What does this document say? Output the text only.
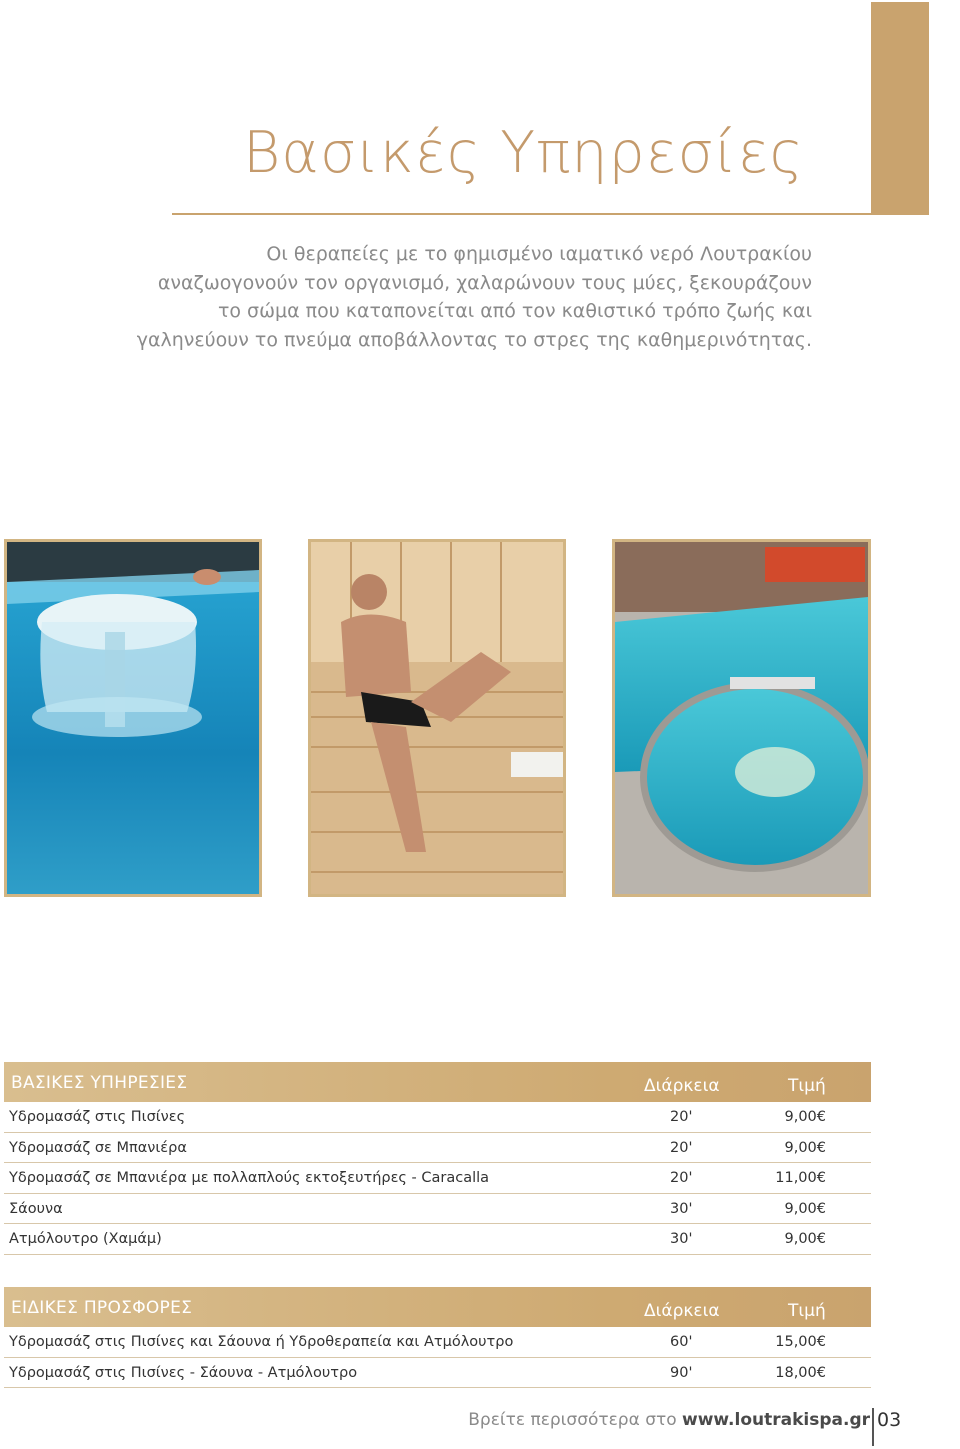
Βασικές Υπηρεσίες
Οι θεραπείες με το φημισμένο ιαματικό νερό Λουτρακίου αναζωογονούν τον οργανισμό, χαλαρώνουν τους μύες, ξεκουράζουν το σώμα που καταπονείται από τον καθιστικό τρόπο ζωής και γαληνεύουν το πνεύμα αποβάλλοντας το στρες της καθημερινότητας.
ΒΑΣΙΚΕΣ ΥΠΗΡΕΣΙΕΣ	Διάρκεια	Τιμή
Υδρομασάζ στις Πισίνες	20'	9,00€
Υδρομασάζ σε Μπανιέρα	20'	9,00€
Υδρομασάζ σε Μπανιέρα με πολλαπλούς εκτοξευτήρες - Caracalla	20'	11,00€
Σάουνα	30'	9,00€
Ατμόλουτρο (Χαμάμ)	30'	9,00€
ΕΙΔΙΚΕΣ ΠΡΟΣΦΟΡΕΣ	Διάρκεια	Τιμή
Υδρομασάζ στις Πισίνες και Σάουνα ή Υδροθεραπεία και Ατμόλουτρο	60'	15,00€
Υδρομασάζ στις Πισίνες - Σάουνα - Ατμόλουτρο	90'	18,00€
Βρείτε περισσότερα στο www.loutrakispa.gr 03
